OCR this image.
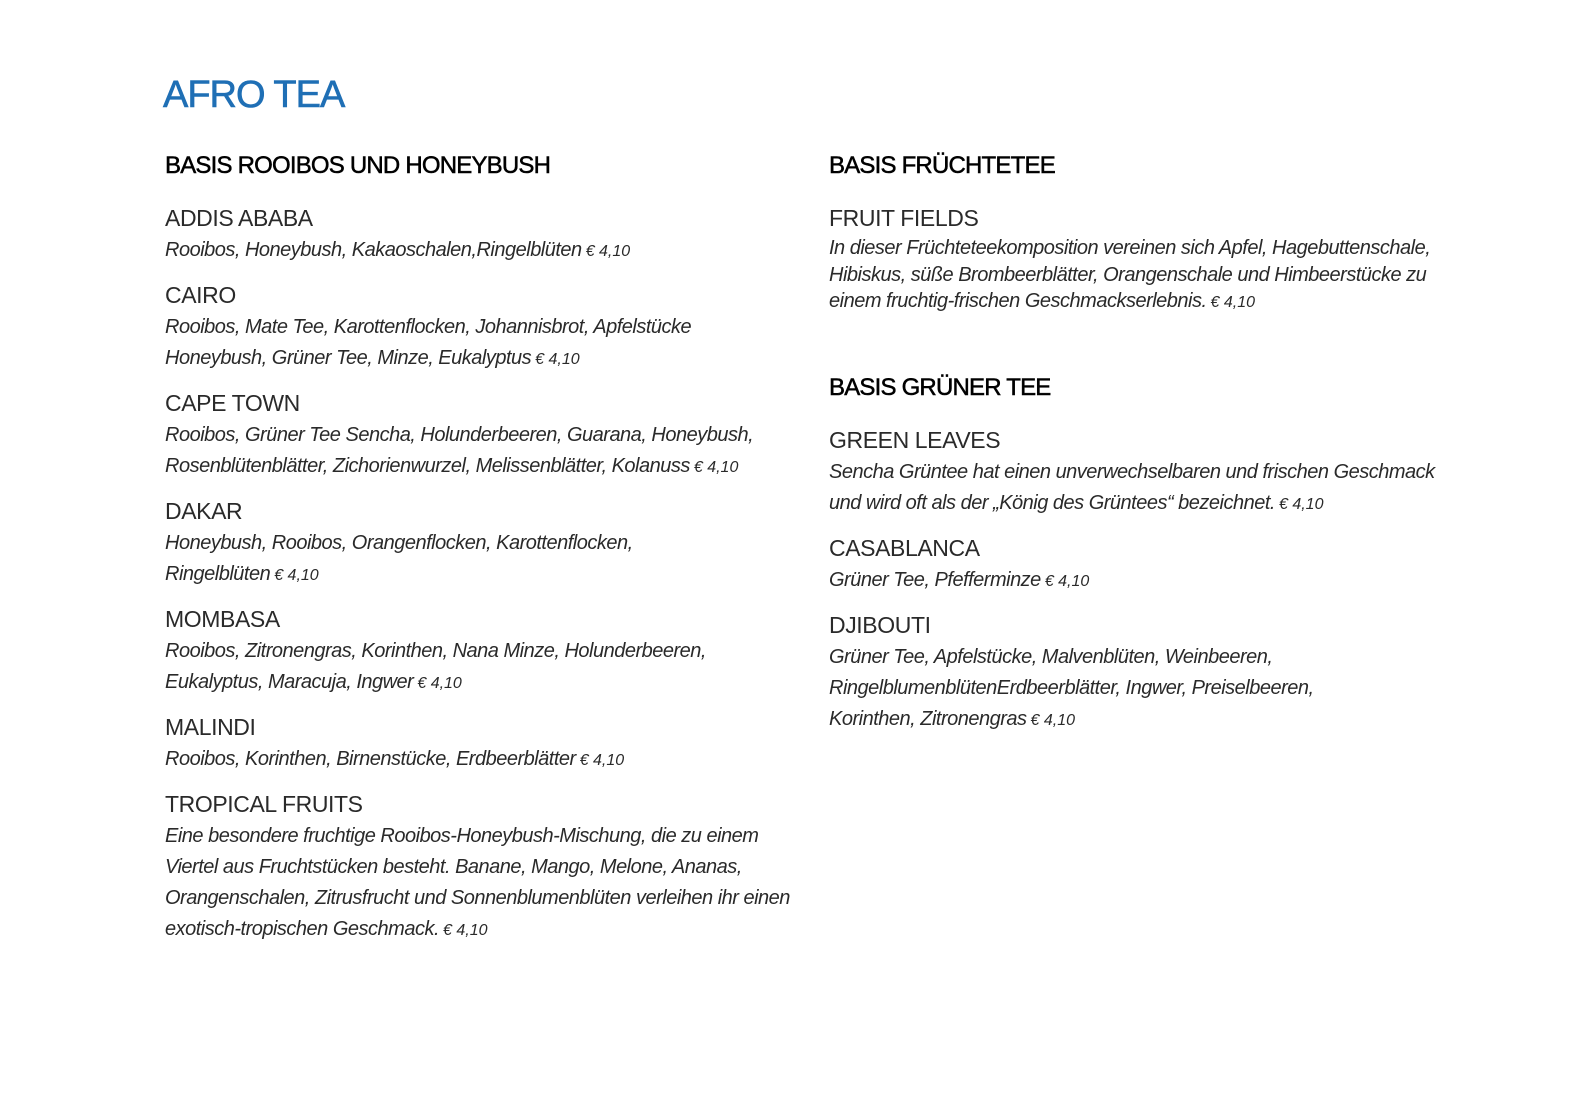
AFRO TEA
BASIS ROOIBOS UND HONEYBUSH
ADDIS ABABA
Rooibos, Honeybush, Kakaoschalen,Ringelblüten € 4,10
CAIRO
Rooibos, Mate Tee, Karottenflocken, Johannisbrot, Apfelstücke
Honeybush, Grüner Tee, Minze, Eukalyptus € 4,10
CAPE TOWN
Rooibos, Grüner Tee Sencha, Holunderbeeren, Guarana, Honeybush,
Rosenblütenblätter, Zichorienwurzel, Melissenblätter, Kolanuss € 4,10
DAKAR
Honeybush, Rooibos, Orangenflocken, Karottenflocken,
Ringelblüten € 4,10
MOMBASA
Rooibos, Zitronengras, Korinthen, Nana Minze, Holunderbeeren,
Eukalyptus, Maracuja, Ingwer € 4,10
MALINDI
Rooibos, Korinthen, Birnenstücke, Erdbeerblätter € 4,10
TROPICAL FRUITS
Eine besondere fruchtige Rooibos-Honeybush-Mischung, die zu einem
Viertel aus Fruchtstücken besteht. Banane, Mango, Melone, Ananas,
Orangenschalen, Zitrusfrucht und Sonnenblumenblüten verleihen ihr einen
exotisch-tropischen Geschmack. € 4,10
BASIS FRÜCHTETEE
FRUIT FIELDS
In dieser Früchteteekomposition vereinen sich Apfel, Hagebuttenschale,
Hibiskus, süße Brombeerblätter, Orangenschale und Himbeerstücke zu
einem fruchtig-frischen Geschmackserlebnis. € 4,10
BASIS GRÜNER TEE
GREEN LEAVES
Sencha Grüntee hat einen unverwechselbaren und frischen Geschmack
und wird oft als der „König des Grüntees“ bezeichnet. € 4,10
CASABLANCA
Grüner Tee, Pfefferminze € 4,10
DJIBOUTI
Grüner Tee, Apfelstücke, Malvenblüten, Weinbeeren,
RingelblumenblütenErdbeerblätter, Ingwer, Preiselbeeren,
Korinthen, Zitronengras € 4,10
